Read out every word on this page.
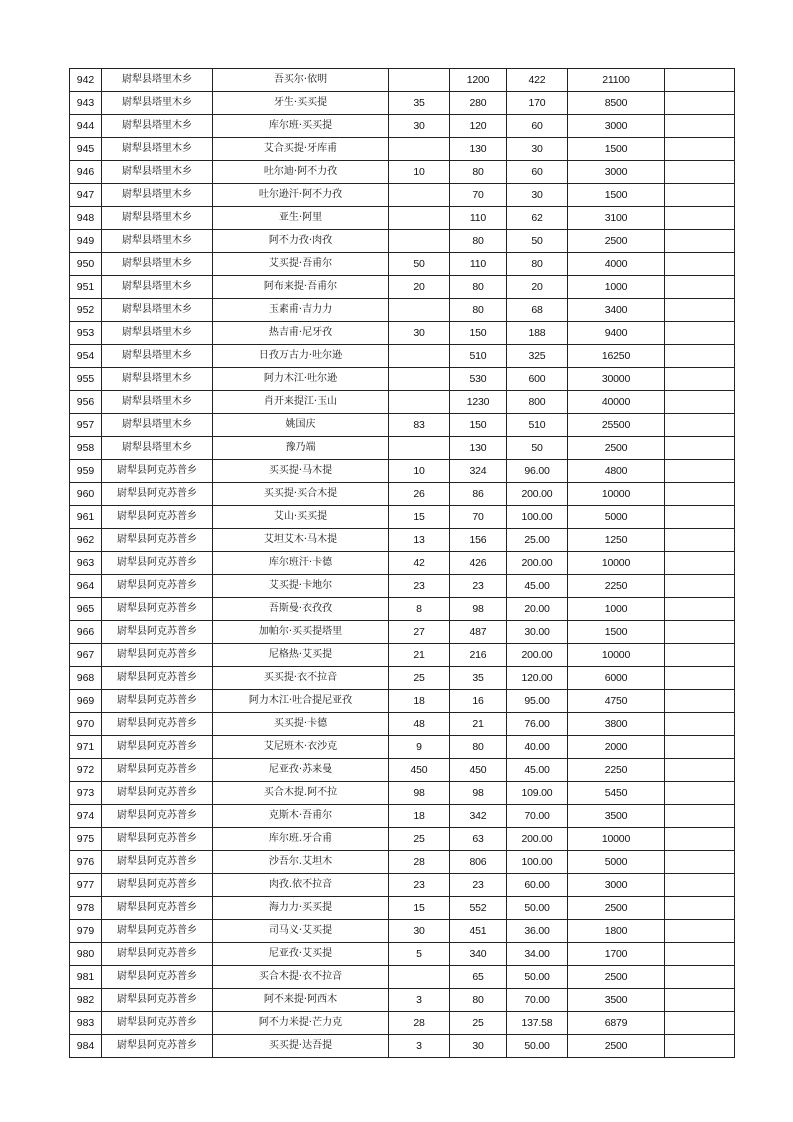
942	尉犁县塔里木乡	吾买尔·依明		1200	422	21100	
943	尉犁县塔里木乡	牙生·买买提	35	280	170	8500	
944	尉犁县塔里木乡	库尔班·买买提	30	120	60	3000	
945	尉犁县塔里木乡	艾合买提·牙库甫		130	30	1500	
946	尉犁县塔里木乡	吐尔迪·阿不力孜	10	80	60	3000	
947	尉犁县塔里木乡	吐尔逊汗·阿不力孜		70	30	1500	
948	尉犁县塔里木乡	亚生·阿里		110	62	3100	
949	尉犁县塔里木乡	阿不力孜·肉孜		80	50	2500	
950	尉犁县塔里木乡	艾买提·吾甫尔	50	110	80	4000	
951	尉犁县塔里木乡	阿布来提·吾甫尔	20	80	20	1000	
952	尉犁县塔里木乡	玉素甫·吉力力		80	68	3400	
953	尉犁县塔里木乡	热吉甫·尼牙孜	30	150	188	9400	
954	尉犁县塔里木乡	日孜万古力·吐尔逊		510	325	16250	
955	尉犁县塔里木乡	阿力木江·吐尔逊		530	600	30000	
956	尉犁县塔里木乡	肖开来提江·玉山		1230	800	40000	
957	尉犁县塔里木乡	姚国庆	83	150	510	25500	
958	尉犁县塔里木乡	豫乃端		130	50	2500	
959	尉犁县阿克苏普乡	买买提·马木提	10	324	96.00	4800	
960	尉犁县阿克苏普乡	买买提·买合木提	26	86	200.00	10000	
961	尉犁县阿克苏普乡	艾山·买买提	15	70	100.00	5000	
962	尉犁县阿克苏普乡	艾坦艾木·马木提	13	156	25.00	1250	
963	尉犁县阿克苏普乡	库尔班汗·卡德	42	426	200.00	10000	
964	尉犁县阿克苏普乡	艾买提·卡地尔	23	23	45.00	2250	
965	尉犁县阿克苏普乡	吾斯曼·衣孜孜	8	98	20.00	1000	
966	尉犁县阿克苏普乡	加帕尔·买买提塔里	27	487	30.00	1500	
967	尉犁县阿克苏普乡	尼格热·艾买提	21	216	200.00	10000	
968	尉犁县阿克苏普乡	买买提·衣不拉音	25	35	120.00	6000	
969	尉犁县阿克苏普乡	阿力木江·吐合提尼亚孜	18	16	95.00	4750	
970	尉犁县阿克苏普乡	买买提·卡德	48	21	76.00	3800	
971	尉犁县阿克苏普乡	艾尼班木·衣沙克	9	80	40.00	2000	
972	尉犁县阿克苏普乡	尼亚孜·苏来曼	450	450	45.00	2250	
973	尉犁县阿克苏普乡	买合木提.阿不拉	98	98	109.00	5450	
974	尉犁县阿克苏普乡	克斯木·吾甫尔	18	342	70.00	3500	
975	尉犁县阿克苏普乡	库尔班.牙合甫	25	63	200.00	10000	
976	尉犁县阿克苏普乡	沙吾尔.艾坦木	28	806	100.00	5000	
977	尉犁县阿克苏普乡	肉孜.依不拉音	23	23	60.00	3000	
978	尉犁县阿克苏普乡	海力力·买买提	15	552	50.00	2500	
979	尉犁县阿克苏普乡	司马义·艾买提	30	451	36.00	1800	
980	尉犁县阿克苏普乡	尼亚孜·艾买提	5	340	34.00	1700	
981	尉犁县阿克苏普乡	买合木提·衣不拉音		65	50.00	2500	
982	尉犁县阿克苏普乡	阿不来提·阿西木	3	80	70.00	3500	
983	尉犁县阿克苏普乡	阿不力米提·芒力克	28	25	137.58	6879	
984	尉犁县阿克苏普乡	买买提·达吾提	3	30	50.00	2500	
